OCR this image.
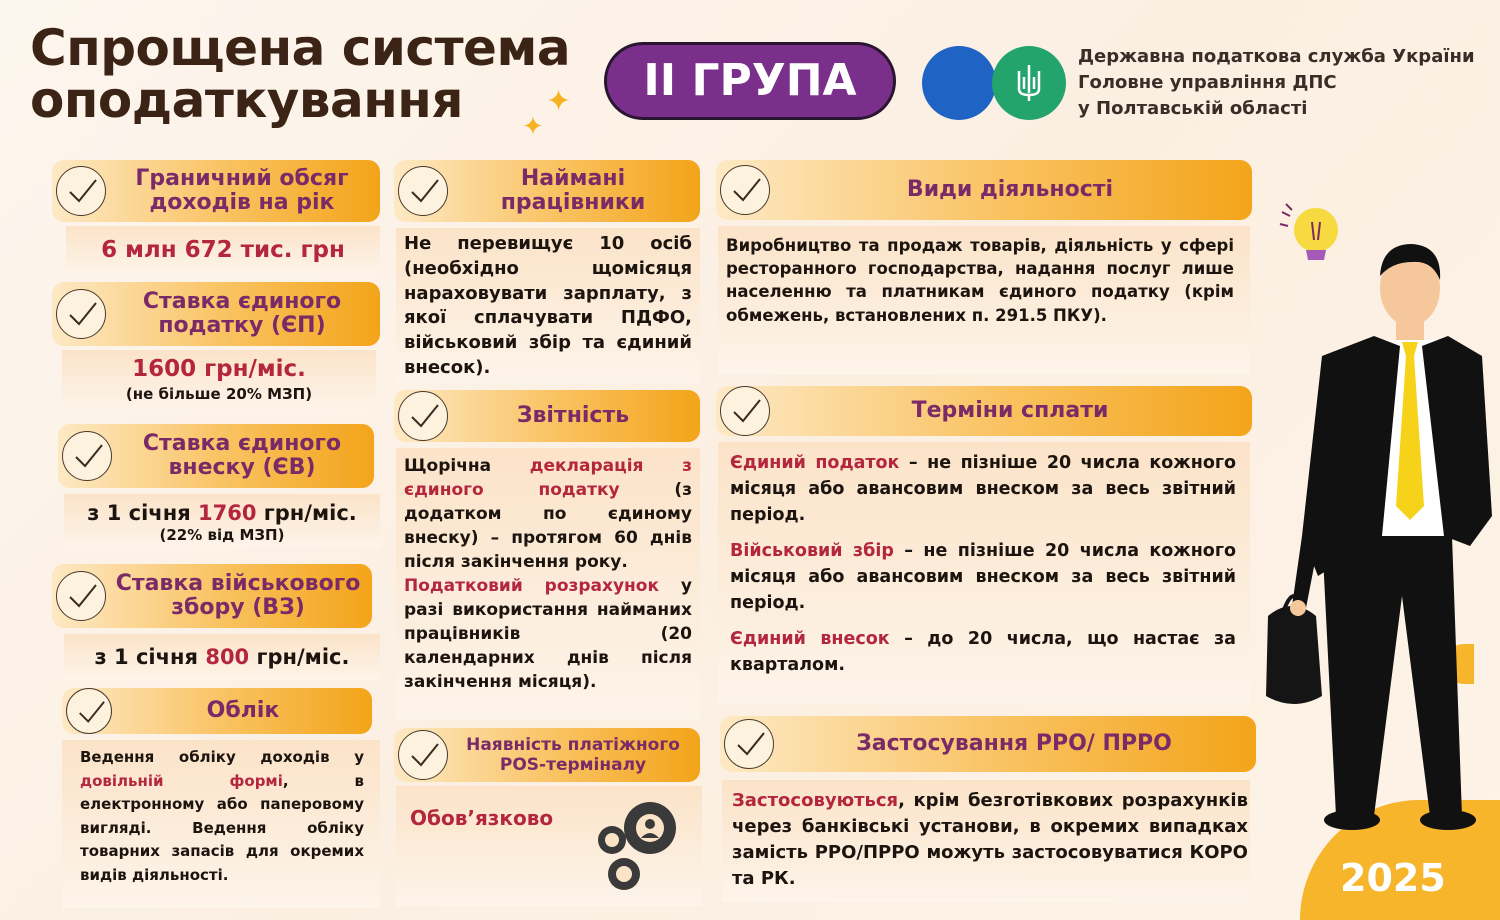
Спрощена система
оподаткування	✦
✦
II ГРУПА	Державна податкова служба України
Головне управління ДПС
у Полтавській області
Граничний обсяг доходів на рік
6 млн 672 тис. грн
Ставка єдиного податку (ЄП)
1600 грн/міс.
(не більше 20% МЗП)
Ставка єдиного внеску (ЄВ)
з 1 січня 1760 грн/міс.
(22% від МЗП)
Ставка військового збору (ВЗ)
з 1 січня 800 грн/міс.
Облік
Ведення обліку доходів у довільній формі, в електронному або паперовому вигляді.	Ведення обліку товарних запасів для окремих видів діяльності.
Наймані працівники
Не перевищує 10 осіб (необхідно щомісяця нараховувати зарплату, з якої сплачувати ПДФО, військовий збір та єдиний внесок).
Звітність
Щорічна декларація з єдиного податку (з додатком по єдиному внеску) – протягом 60 днів після закінчення року.
Податковий розрахунок у разі використання найманих працівників (20 календарних днів після закінчення місяця).
Наявність платіжного POS-терміналу
Обов’язково
Види діяльності
Виробництво та продаж товарів, діяльність у сфері ресторанного господарства, надання послуг лише населенню та платникам єдиного податку (крім обмежень, встановлених п. 291.5 ПКУ).
Терміни сплати

Єдиний податок – не пізніше 20 числа кожного місяця або авансовим внеском за весь звітний період.

Військовий збір – не пізніше 20 числа кожного місяця або авансовим внеском за весь звітний період.

Єдиний внесок – до 20 числа, що настає за кварталом.

Застосування РРО/ ПРРО
Застосовуються, крім безготівкових розрахунків через банківські установи, в окремих випадках замість РРО/ПРРО можуть застосовуватися КОРО та РК.	2025
